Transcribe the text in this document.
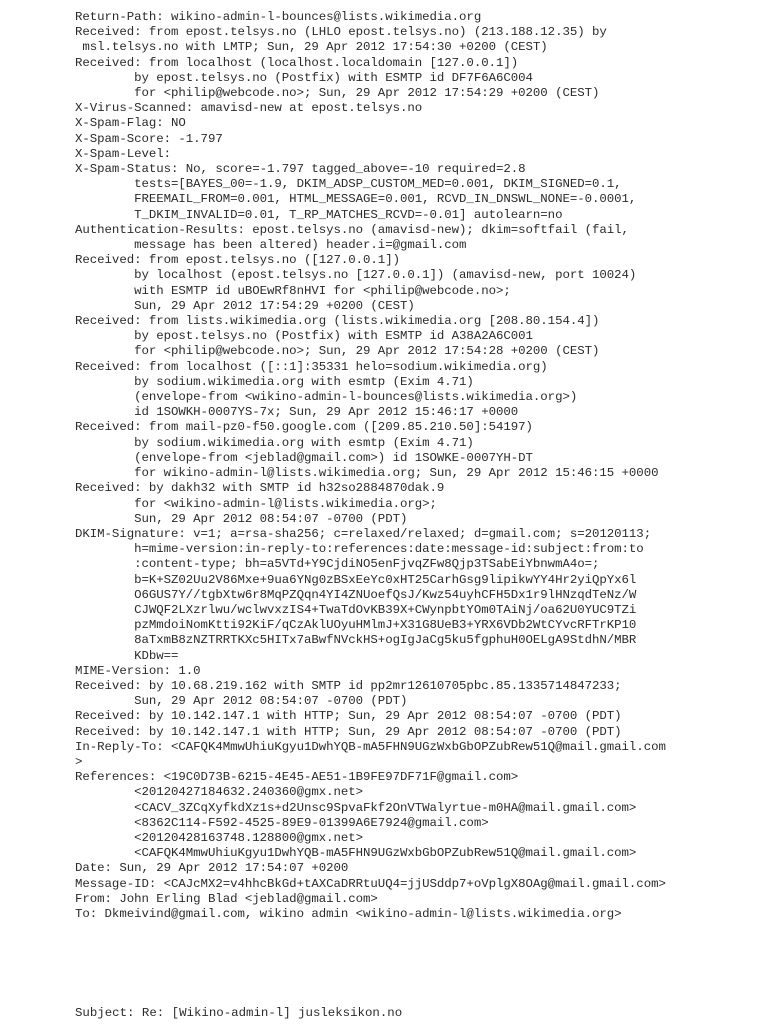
Return-Path: wikino-admin-l-bounces@lists.wikimedia.org
Received: from epost.telsys.no (LHLO epost.telsys.no) (213.188.12.35) by
msl.telsys.no with LMTP; Sun, 29 Apr 2012 17:54:30 +0200 (CEST)
Received: from localhost (localhost.localdomain [127.0.0.1])
by epost.telsys.no (Postfix) with ESMTP id DF7F6A6C004
for <philip@webcode.no>; Sun, 29 Apr 2012 17:54:29 +0200 (CEST)
X-Virus-Scanned: amavisd-new at epost.telsys.no
X-Spam-Flag: NO
X-Spam-Score: -1.797
X-Spam-Level:
X-Spam-Status: No, score=-1.797 tagged_above=-10 required=2.8
tests=[BAYES_00=-1.9, DKIM_ADSP_CUSTOM_MED=0.001, DKIM_SIGNED=0.1,
FREEMAIL_FROM=0.001, HTML_MESSAGE=0.001, RCVD_IN_DNSWL_NONE=-0.0001,
T_DKIM_INVALID=0.01, T_RP_MATCHES_RCVD=-0.01] autolearn=no
Authentication-Results: epost.telsys.no (amavisd-new); dkim=softfail (fail,
message has been altered) header.i=@gmail.com
Received: from epost.telsys.no ([127.0.0.1])
by localhost (epost.telsys.no [127.0.0.1]) (amavisd-new, port 10024)
with ESMTP id uBOEwRf8nHVI for <philip@webcode.no>;
Sun, 29 Apr 2012 17:54:29 +0200 (CEST)
Received: from lists.wikimedia.org (lists.wikimedia.org [208.80.154.4])
by epost.telsys.no (Postfix) with ESMTP id A38A2A6C001
for <philip@webcode.no>; Sun, 29 Apr 2012 17:54:28 +0200 (CEST)
Received: from localhost ([::1]:35331 helo=sodium.wikimedia.org)
by sodium.wikimedia.org with esmtp (Exim 4.71)
(envelope-from <wikino-admin-l-bounces@lists.wikimedia.org>)
id 1SOWKH-0007YS-7x; Sun, 29 Apr 2012 15:46:17 +0000
Received: from mail-pz0-f50.google.com ([209.85.210.50]:54197)
by sodium.wikimedia.org with esmtp (Exim 4.71)
(envelope-from <jeblad@gmail.com>) id 1SOWKE-0007YH-DT
for wikino-admin-l@lists.wikimedia.org; Sun, 29 Apr 2012 15:46:15 +0000
Received: by dakh32 with SMTP id h32so2884870dak.9
for <wikino-admin-l@lists.wikimedia.org>;
Sun, 29 Apr 2012 08:54:07 -0700 (PDT)
DKIM-Signature: v=1; a=rsa-sha256; c=relaxed/relaxed; d=gmail.com; s=20120113;
h=mime-version:in-reply-to:references:date:message-id:subject:from:to
:content-type; bh=a5VTd+Y9CjdiNO5enFjvqZFw8Qjp3TSabEiYbnwmA4o=;
b=K+SZ02Uu2V86Mxe+9ua6YNg0zBSxEeYc0xHT25CarhGsg9lipikwYY4Hr2yiQpYx6l
O6GUS7Y//tgbXtw6r8MqPZQqn4YI4ZNUoefQsJ/Kwz54uyhCFH5Dx1r9lHNzqdTeNz/W
CJWQF2LXzrlwu/wclwvxzIS4+TwaTdOvKB39X+CWynpbtYOm0TAiNj/oa62U0YUC9TZi
pzMmdoiNomKtti92KiF/qCzAklUOyuHMlmJ+X31G8UeB3+YRX6VDb2WtCYvcRFTrKP10
8aTxmB8zNZTRRTKXc5HITx7aBwfNVckHS+ogIgJaCg5ku5fgphuH0OELgA9StdhN/MBR
KDbw==
MIME-Version: 1.0
Received: by 10.68.219.162 with SMTP id pp2mr12610705pbc.85.1335714847233;
Sun, 29 Apr 2012 08:54:07 -0700 (PDT)
Received: by 10.142.147.1 with HTTP; Sun, 29 Apr 2012 08:54:07 -0700 (PDT)
Received: by 10.142.147.1 with HTTP; Sun, 29 Apr 2012 08:54:07 -0700 (PDT)
In-Reply-To: <CAFQK4MmwUhiuKgyu1DwhYQB-mA5FHN9UGzWxbGbOPZubRew51Q@mail.gmail.com
>
References: <19C0D73B-6215-4E45-AE51-1B9FE97DF71F@gmail.com>
<20120427184632.240360@gmx.net>
<CACV_3ZCqXyfkdXz1s+d2Unsc9SpvaFkf2OnVTWalyrtue-m0HA@mail.gmail.com>
<8362C114-F592-4525-89E9-01399A6E7924@gmail.com>
<20120428163748.128800@gmx.net>
<CAFQK4MmwUhiuKgyu1DwhYQB-mA5FHN9UGzWxbGbOPZubRew51Q@mail.gmail.com>
Date: Sun, 29 Apr 2012 17:54:07 +0200
Message-ID: <CAJcMX2=v4hhcBkGd+tAXCaDRRtuUQ4=jjUSddp7+oVplgX8OAg@mail.gmail.com>
From: John Erling Blad <jeblad@gmail.com>
To: Dkmeivind@gmail.com, wikino admin <wikino-admin-l@lists.wikimedia.org>
Subject: Re: [Wikino-admin-l] jusleksikon.no
